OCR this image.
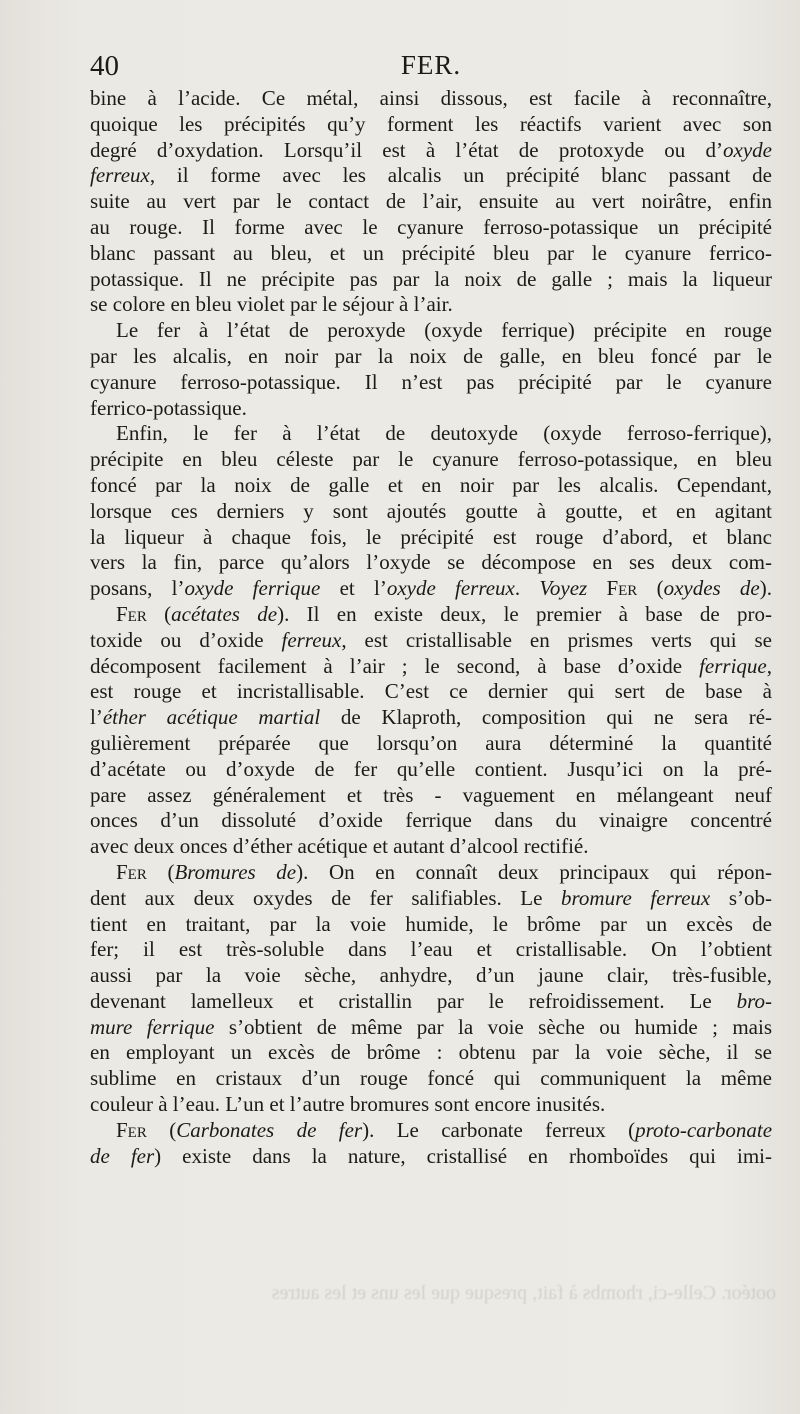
40	FER.
bine à l’acide. Ce métal, ainsi dissous, est facile à reconnaître,
quoique les précipités qu’y forment les réactifs varient avec son
degré d’oxydation. Lorsqu’il est à l’état de protoxyde ou d’oxyde
ferreux, il forme avec les alcalis un précipité blanc passant de
suite au vert par le contact de l’air, ensuite au vert noirâtre, enfin
au rouge. Il forme avec le cyanure ferroso-potassique un précipité
blanc passant au bleu, et un précipité bleu par le cyanure ferrico-
potassique. Il ne précipite pas par la noix de galle ; mais la liqueur
se colore en bleu violet par le séjour à l’air.
Le fer à l’état de peroxyde (oxyde ferrique) précipite en rouge
par les alcalis, en noir par la noix de galle, en bleu foncé par le
cyanure ferroso-potassique. Il n’est pas précipité par le cyanure
ferrico-potassique.
Enfin, le fer à l’état de deutoxyde (oxyde ferroso-ferrique),
précipite en bleu céleste par le cyanure ferroso-potassique, en bleu
foncé par la noix de galle et en noir par les alcalis. Cependant,
lorsque ces derniers y sont ajoutés goutte à goutte, et en agitant
la liqueur à chaque fois, le précipité est rouge d’abord, et blanc
vers la fin, parce qu’alors l’oxyde se décompose en ses deux com-
posans, l’oxyde ferrique et l’oxyde ferreux. Voyez Fer (oxydes de).
Fer (acétates de). Il en existe deux, le premier à base de pro-
toxide ou d’oxide ferreux, est cristallisable en prismes verts qui se
décomposent facilement à l’air ; le second, à base d’oxide ferrique,
est rouge et incristallisable. C’est ce dernier qui sert de base à
l’éther acétique martial de Klaproth, composition qui ne sera ré-
gulièrement préparée que lorsqu’on aura déterminé la quantité
d’acétate ou d’oxyde de fer qu’elle contient. Jusqu’ici on la pré-
pare assez généralement et très - vaguement en mélangeant neuf
onces d’un dissoluté d’oxide ferrique dans du vinaigre concentré
avec deux onces d’éther acétique et autant d’alcool rectifié.
Fer (Bromures de). On en connaît deux principaux qui répon-
dent aux deux oxydes de fer salifiables. Le bromure ferreux s’ob-
tient en traitant, par la voie humide, le brôme par un excès de
fer; il est très-soluble dans l’eau et cristallisable. On l’obtient
aussi par la voie sèche, anhydre, d’un jaune clair, très-fusible,
devenant lamelleux et cristallin par le refroidissement. Le bro-
mure ferrique s’obtient de même par la voie sèche ou humide ; mais
en employant un excès de brôme : obtenu par la voie sèche, il se
sublime en cristaux d’un rouge foncé qui communiquent la même
couleur à l’eau. L’un et l’autre bromures sont encore inusités.
Fer (Carbonates de fer). Le carbonate ferreux (proto-carbonate
de fer) existe dans la nature, cristallisé en rhomboïdes qui imi-
ootéor. Celle-ci, rhombs à fait, presque que les uns et les autres
